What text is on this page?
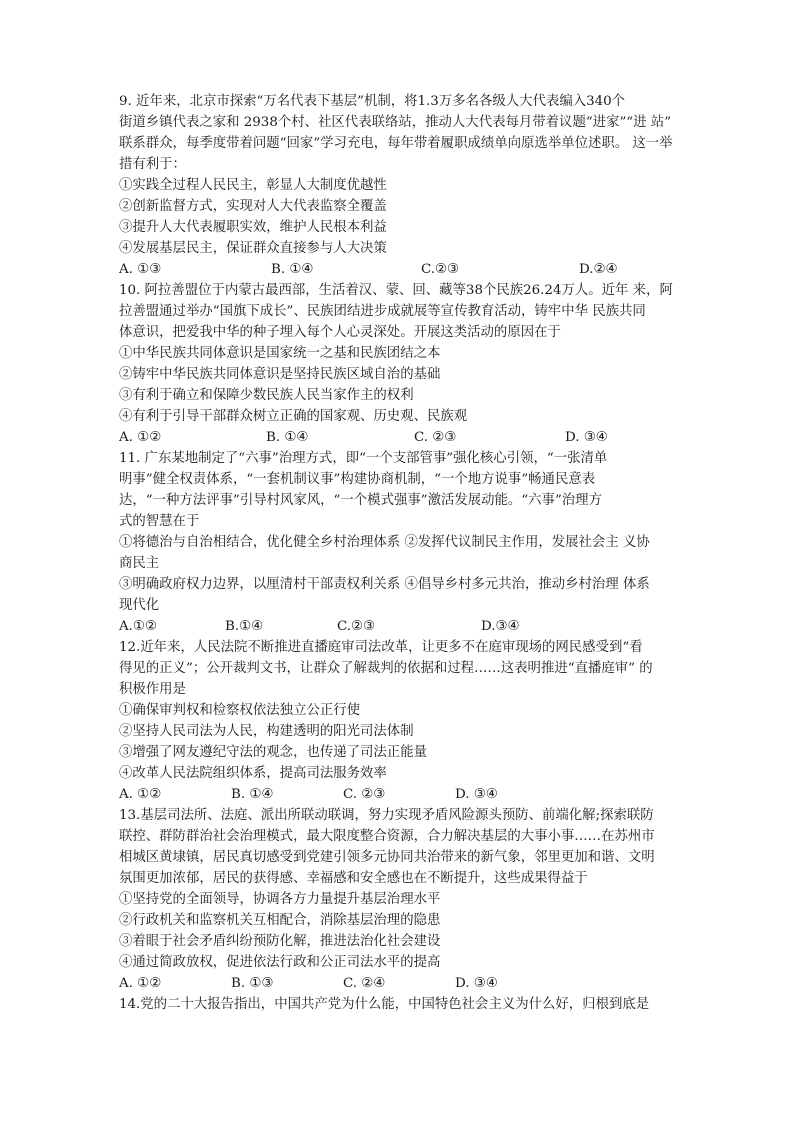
9. 近年来，北京市探索“万名代表下基层”机制，将1.3万多名各级人大代表编入340个
街道乡镇代表之家和 2938个村、社区代表联络站，推动人大代表每月带着议题“进家”“进 站”
联系群众，每季度带着问题“回家”学习充电，每年带着履职成绩单向原选举单位述职。 这一举
措有利于：
①实践全过程人民民主，彰显人大制度优越性
②创新监督方式，实现对人大代表监察全覆盖
③提升人大代表履职实效，维护人民根本利益
④发展基层民主，保证群众直接参与人大决策
A. ①③	B. ①④	C.②③	D.②④
10. 阿拉善盟位于内蒙古最西部，生活着汉、蒙、回、藏等38个民族26.24万人。近年 来，阿
拉善盟通过举办“国旗下成长”、民族团结进步成就展等宣传教育活动，铸牢中华 民族共同
体意识，把爱我中华的种子埋入每个人心灵深处。开展这类活动的原因在于
①中华民族共同体意识是国家统一之基和民族团结之本
②铸牢中华民族共同体意识是坚持民族区域自治的基础
③有利于确立和保障少数民族人民当家作主的权利
④有利于引导干部群众树立正确的国家观、历史观、民族观
A. ①②	B. ①④	C. ②③	D. ③④
11. 广东某地制定了“六事”治理方式，即“一个支部管事”强化核心引领，“一张清单
明事”健全权责体系，“一套机制议事”构建协商机制，“一个地方说事”畅通民意表
达，“一种方法评事”引导村风家风，“一个模式强事”激活发展动能。“六事”治理方
式的智慧在于
①将德治与自治相结合，优化健全乡村治理体系 ②发挥代议制民主作用，发展社会主 义协
商民主
③明确政府权力边界，以厘清村干部责权利关系 ④倡导乡村多元共治，推动乡村治理 体系
现代化
A.①②	B.①④	C.②③	D.③④
12.近年来，人民法院不断推进直播庭审司法改革，让更多不在庭审现场的网民感受到“看
得见的正义”；公开裁判文书，让群众了解裁判的依据和过程……这表明推进“直播庭审” 的
积极作用是
①确保审判权和检察权依法独立公正行使
②坚持人民司法为人民，构建透明的阳光司法体制
③增强了网友遵纪守法的观念，也传递了司法正能量
④改革人民法院组织体系，提高司法服务效率
A. ①②	B. ①④	C. ②③	D. ③④
13.基层司法所、法庭、派出所联动联调，努力实现矛盾风险源头预防、前端化解;探索联防
联控、群防群治社会治理模式，最大限度整合资源，合力解决基层的大事小事……在苏州市
相城区黄埭镇，居民真切感受到党建引领多元协同共治带来的新气象，邻里更加和谐、文明
氛围更加浓郁，居民的获得感、幸福感和安全感也在不断提升，这些成果得益于
①坚持党的全面领导，协调各方力量提升基层治理水平
②行政机关和监察机关互相配合，消除基层治理的隐患
③着眼于社会矛盾纠纷预防化解，推进法治化社会建设
④通过简政放权，促进依法行政和公正司法水平的提高
A. ①②	B. ①③	C. ②④	D. ③④
14.党的二十大报告指出，中国共产党为什么能，中国特色社会主义为什么好，归根到底是
